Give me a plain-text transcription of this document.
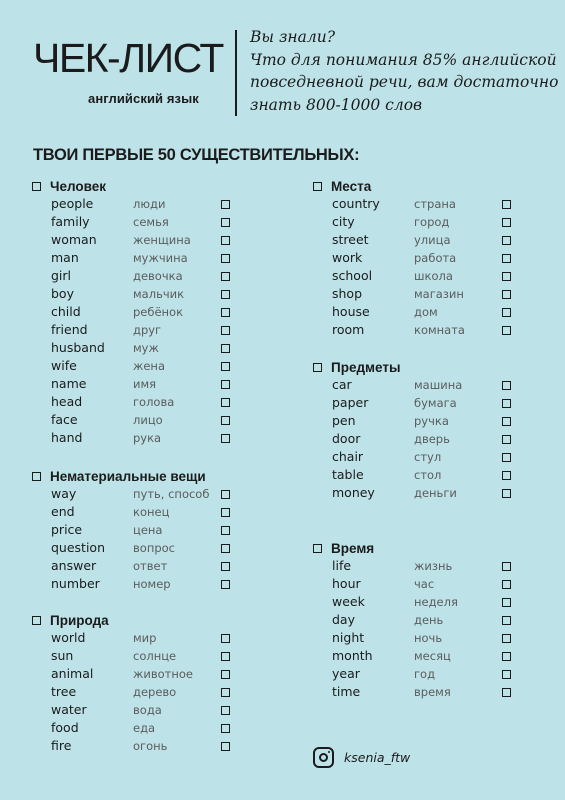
ЧЕК-ЛИСТ
английский язык
Вы знали?
Что для понимания 85% английской
повседневной речи, вам достаточно
знать 800-1000 слов
ТВОИ ПЕРВЫЕ 50 СУЩЕСТВИТЕЛЬНЫХ:
Человек
people	люди
family	семья
woman	женщина
man	мужчина
girl	девочка
boy	мальчик
child	ребёнок
friend	друг
husband муж
wife	жена
name	имя
head	голова
face	лицо
hand	рука
Нематериальные вещи
way	путь, способ
end	конец
price	цена
question вопрос
answer	ответ
number	номер
Природа
world	мир
sun	солнце
animal	животное
tree	дерево
water	вода
food	еда
fire	огонь
Места
country	страна
city	город
street	улица
work	работа
school	школа
shop	магазин
house	дом
room	комната
Предметы
car	машина
paper	бумага
pen	ручка
door	дверь
chair	стул
table	стол
money	деньги
Время
life	жизнь
hour	час
week	неделя
day	день
night	ночь
month	месяц
year	год
time	время
ksenia_ftw
